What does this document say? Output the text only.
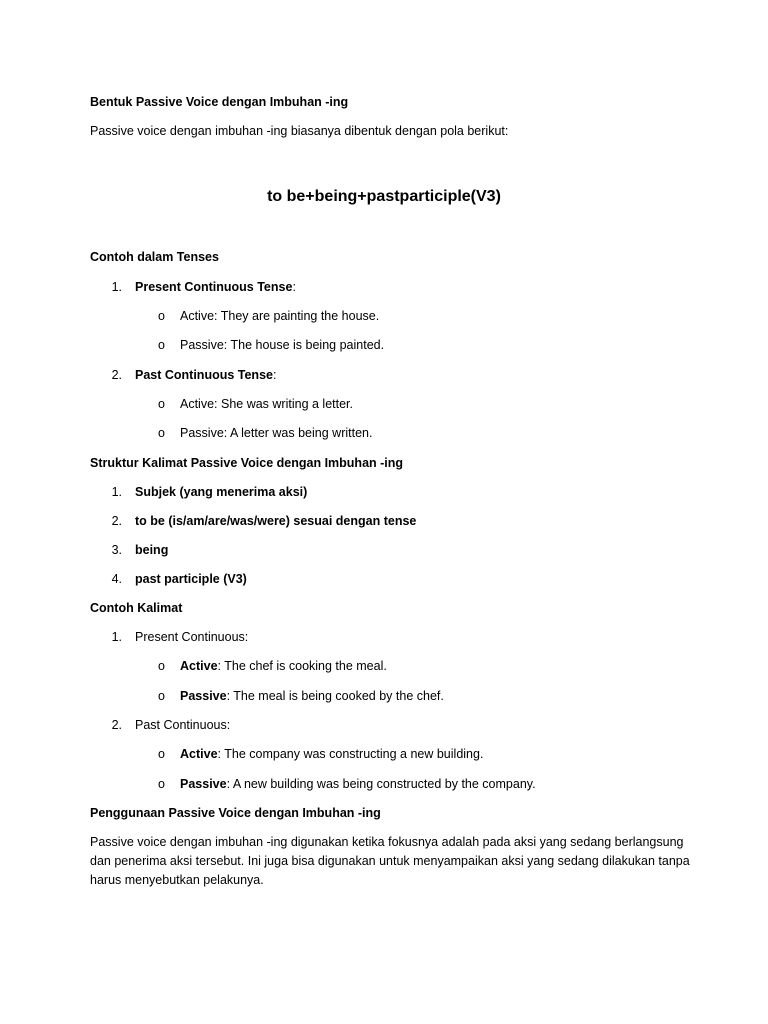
Bentuk Passive Voice dengan Imbuhan -ing
Passive voice dengan imbuhan -ing biasanya dibentuk dengan pola berikut:
to be+being+pastparticiple(V3)
Contoh dalam Tenses
1. Present Continuous Tense:
o Active: They are painting the house.
o Passive: The house is being painted.
2. Past Continuous Tense:
o Active: She was writing a letter.
o Passive: A letter was being written.
Struktur Kalimat Passive Voice dengan Imbuhan -ing
1. Subjek (yang menerima aksi)
2. to be (is/am/are/was/were) sesuai dengan tense
3. being
4. past participle (V3)
Contoh Kalimat
1. Present Continuous:
o Active: The chef is cooking the meal.
o Passive: The meal is being cooked by the chef.
2. Past Continuous:
o Active: The company was constructing a new building.
o Passive: A new building was being constructed by the company.
Penggunaan Passive Voice dengan Imbuhan -ing
Passive voice dengan imbuhan -ing digunakan ketika fokusnya adalah pada aksi yang sedang berlangsung dan penerima aksi tersebut. Ini juga bisa digunakan untuk menyampaikan aksi yang sedang dilakukan tanpa harus menyebutkan pelakunya.
